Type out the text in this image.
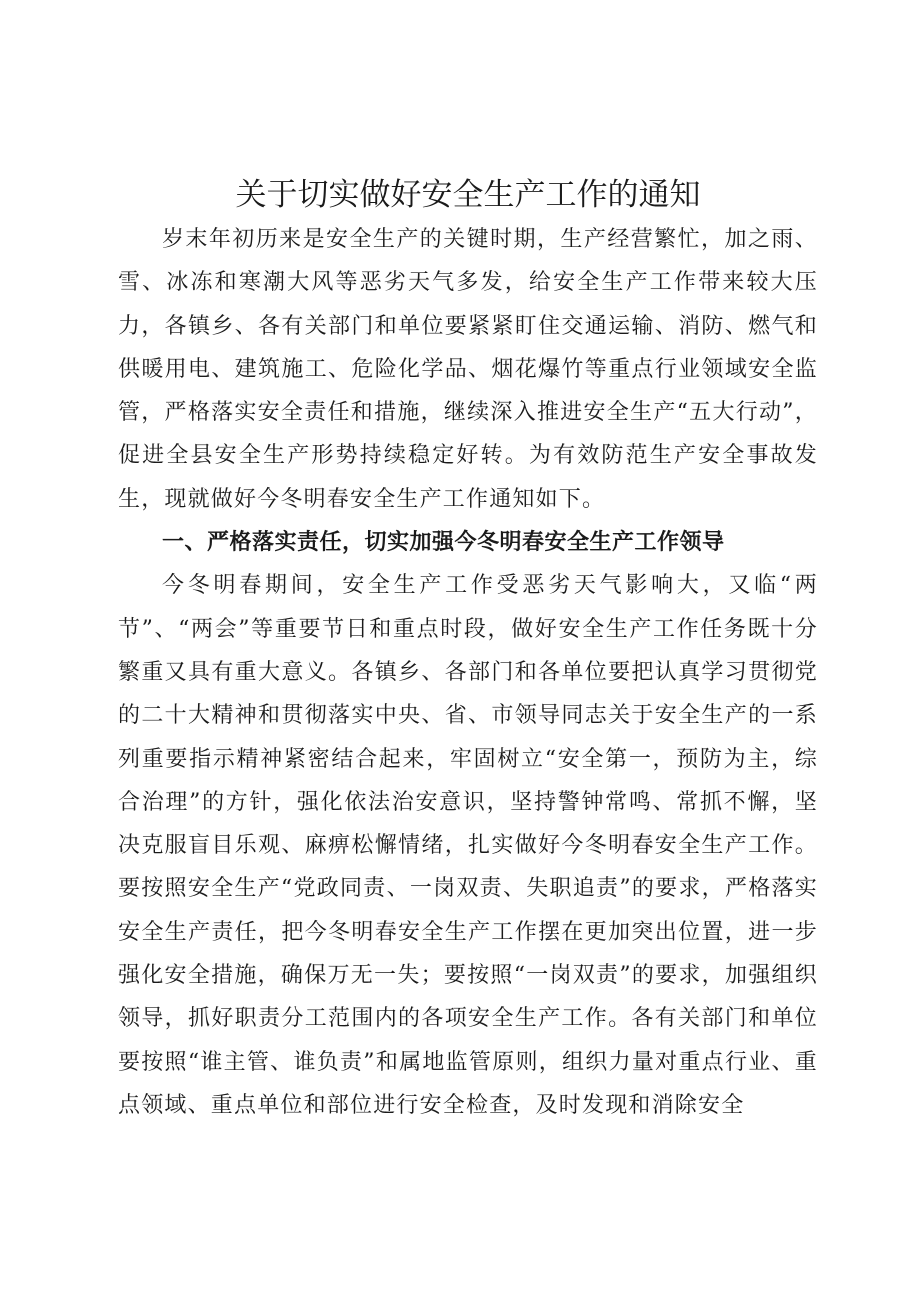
关于切实做好安全生产工作的通知

岁末年初历来是安全生产的关键时期，生产经营繁忙，加之雨、雪、冰冻和寒潮大风等恶劣天气多发，给安全生产工作带来较大压力，各镇乡、各有关部门和单位要紧紧盯住交通运输、消防、燃气和供暖用电、建筑施工、危险化学品、烟花爆竹等重点行业领域安全监管，严格落实安全责任和措施，继续深入推进安全生产“五大行动”，促进全县安全生产形势持续稳定好转。为有效防范生产安全事故发生，现就做好今冬明春安全生产工作通知如下。

一、严格落实责任，切实加强今冬明春安全生产工作领导

今冬明春期间，安全生产工作受恶劣天气影响大，又临“两节”、“两会”等重要节日和重点时段，做好安全生产工作任务既十分繁重又具有重大意义。各镇乡、各部门和各单位要把认真学习贯彻党的二十大精神和贯彻落实中央、省、市领导同志关于安全生产的一系列重要指示精神紧密结合起来，牢固树立“安全第一，预防为主，综合治理”的方针，强化依法治安意识，坚持警钟常鸣、常抓不懈，坚决克服盲目乐观、麻痹松懈情绪，扎实做好今冬明春安全生产工作。要按照安全生产“党政同责、一岗双责、失职追责”的要求，严格落实安全生产责任，把今冬明春安全生产工作摆在更加突出位置，进一步强化安全措施，确保万无一失；要按照“一岗双责”的要求，加强组织领导，抓好职责分工范围内的各项安全生产工作。各有关部门和单位要按照“谁主管、谁负责”和属地监管原则，组织力量对重点行业、重点领域、重点单位和部位进行安全检查，及时发现和消除安全
